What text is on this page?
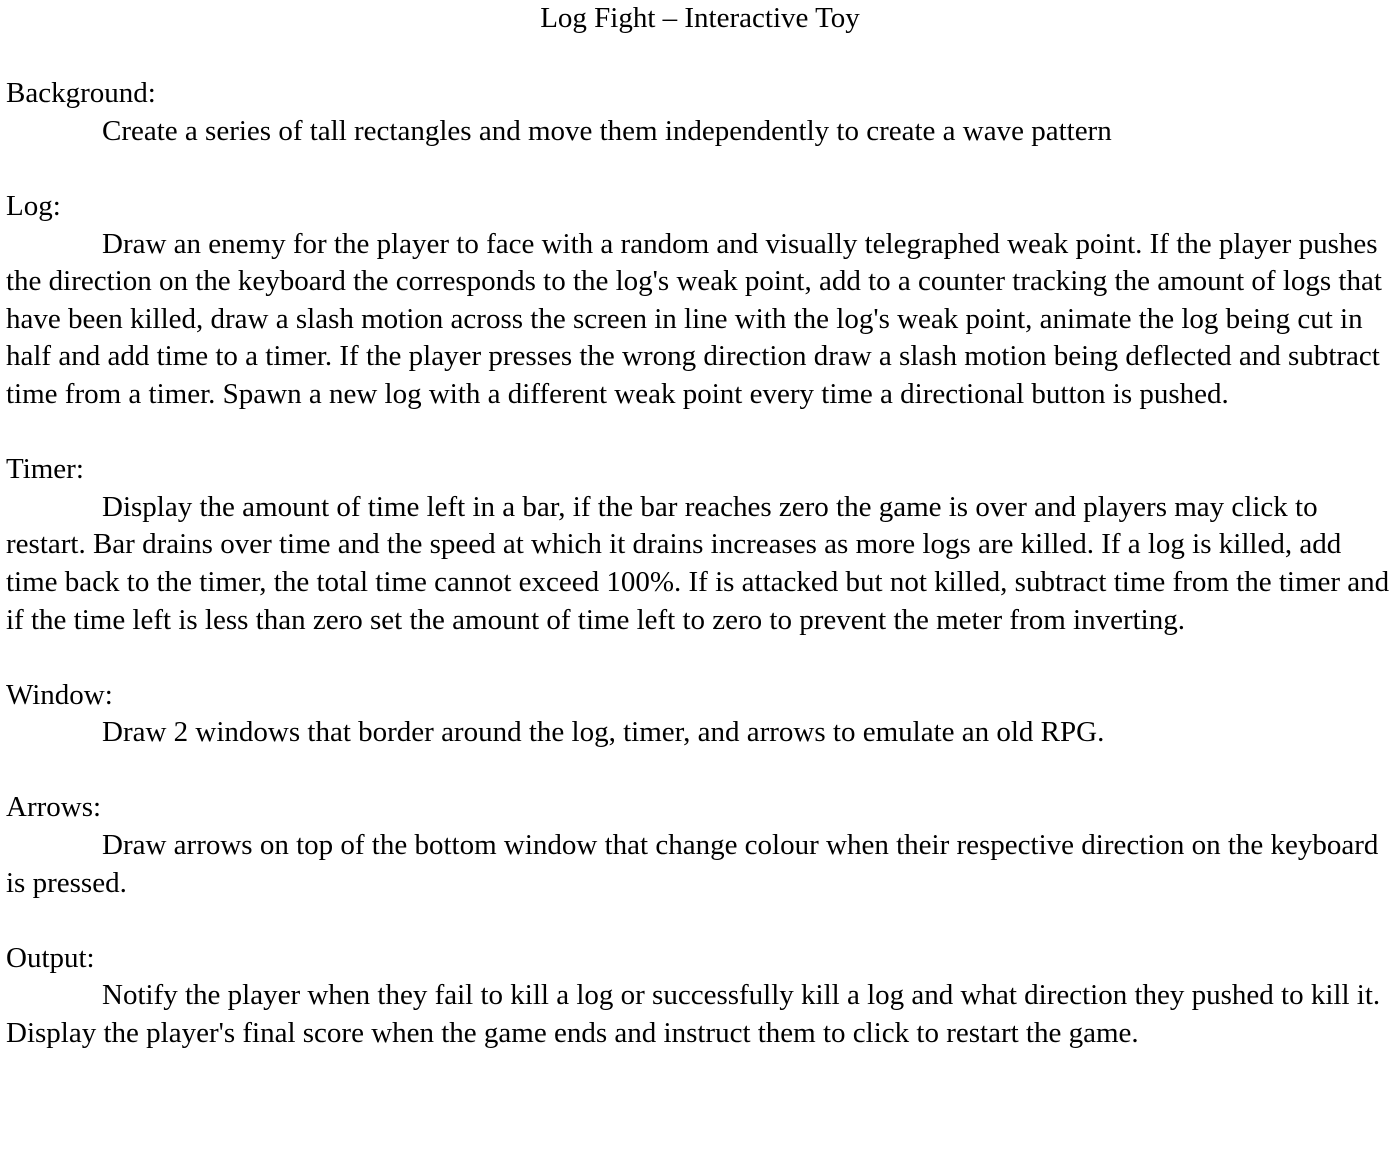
Log Fight – Interactive Toy

Background:

Create a series of tall rectangles and move them independently to create a wave pattern

Log:

Draw an enemy for the player to face with a random and visually telegraphed weak point. If the player pushes the direction on the keyboard the corresponds to the log's weak point, add to a counter tracking the amount of logs that have been killed, draw a slash motion across the screen in line with the log's weak point, animate the log being cut in half and add time to a timer. If the player presses the wrong direction draw a slash motion being deflected and subtract time from a timer. Spawn a new log with a different weak point every time a directional button is pushed.

Timer:

Display the amount of time left in a bar, if the bar reaches zero the game is over and players may click to restart. Bar drains over time and the speed at which it drains increases as more logs are killed. If a log is killed, add time back to the timer, the total time cannot exceed 100%. If is attacked but not killed, subtract time from the timer and if the time left is less than zero set the amount of time left to zero to prevent the meter from inverting.

Window:

Draw 2 windows that border around the log, timer, and arrows to emulate an old RPG.

Arrows:

Draw arrows on top of the bottom window that change colour when their respective direction on the keyboard is pressed.

Output:

Notify the player when they fail to kill a log or successfully kill a log and what direction they pushed to kill it. Display the player's final score when the game ends and instruct them to click to restart the game.
